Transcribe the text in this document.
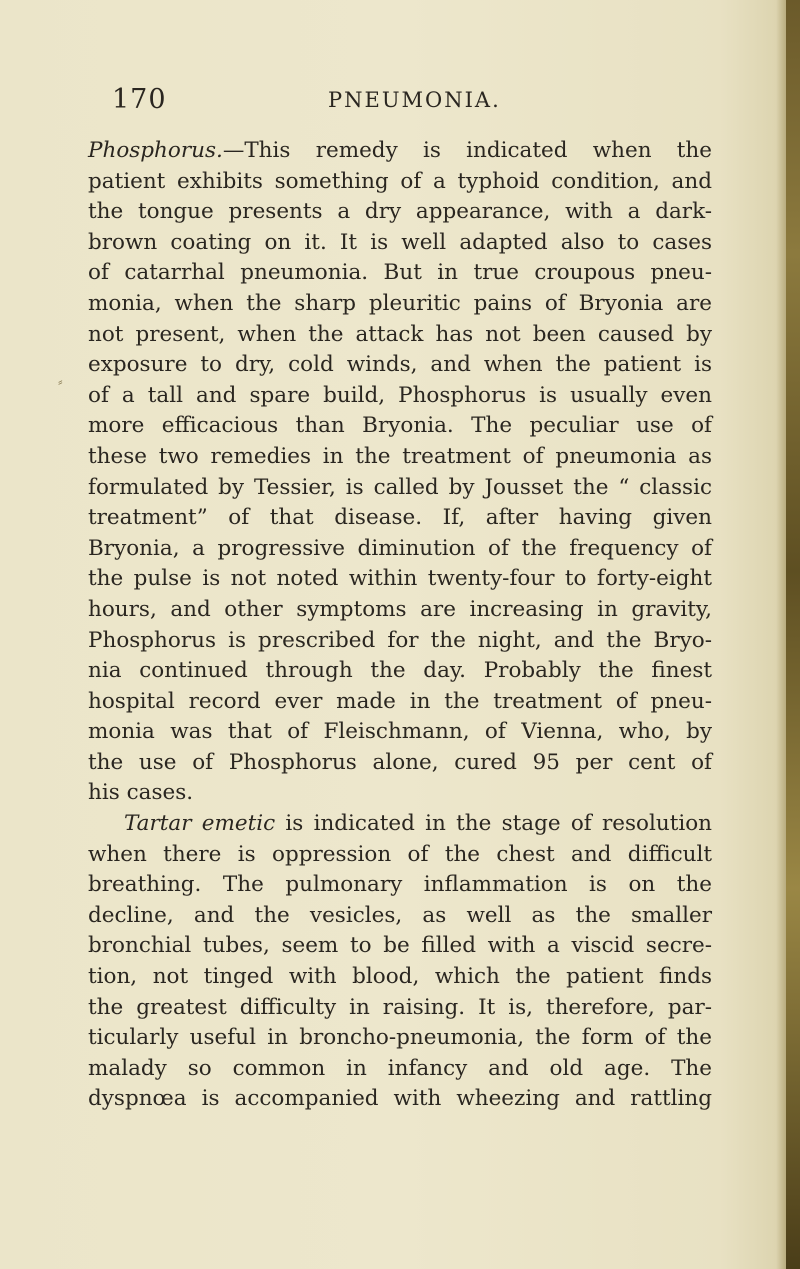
170	PNEUMONIA.
⸗
Phosphorus.—This remedy is indicated when the
patient exhibits something of a typhoid condition, and
the tongue presents a dry appearance, with a dark-
brown coating on it. It is well adapted also to cases
of catarrhal pneumonia. But in true croupous pneu-
monia, when the sharp pleuritic pains of Bryonia are
not present, when the attack has not been caused by
exposure to dry, cold winds, and when the patient is
of a tall and spare build, Phosphorus is usually even
more efficacious than Bryonia. The peculiar use of
these two remedies in the treatment of pneumonia as
formulated by Tessier, is called by Jousset the “ classic
treatment” of that disease. If, after having given
Bryonia, a progressive diminution of the frequency of
the pulse is not noted within twenty-four to forty-eight
hours, and other symptoms are increasing in gravity,
Phosphorus is prescribed for the night, and the Bryo-
nia continued through the day. Probably the finest
hospital record ever made in the treatment of pneu-
monia was that of Fleischmann, of Vienna, who, by
the use of Phosphorus alone, cured 95 per cent of
his cases.
Tartar emetic is indicated in the stage of resolution
when there is oppression of the chest and difficult
breathing. The pulmonary inflammation is on the
decline, and the vesicles, as well as the smaller
bronchial tubes, seem to be filled with a viscid secre-
tion, not tinged with blood, which the patient finds
the greatest difficulty in raising. It is, therefore, par-
ticularly useful in broncho-pneumonia, the form of the
malady so common in infancy and old age. The
dyspnœa is accompanied with wheezing and rattling
